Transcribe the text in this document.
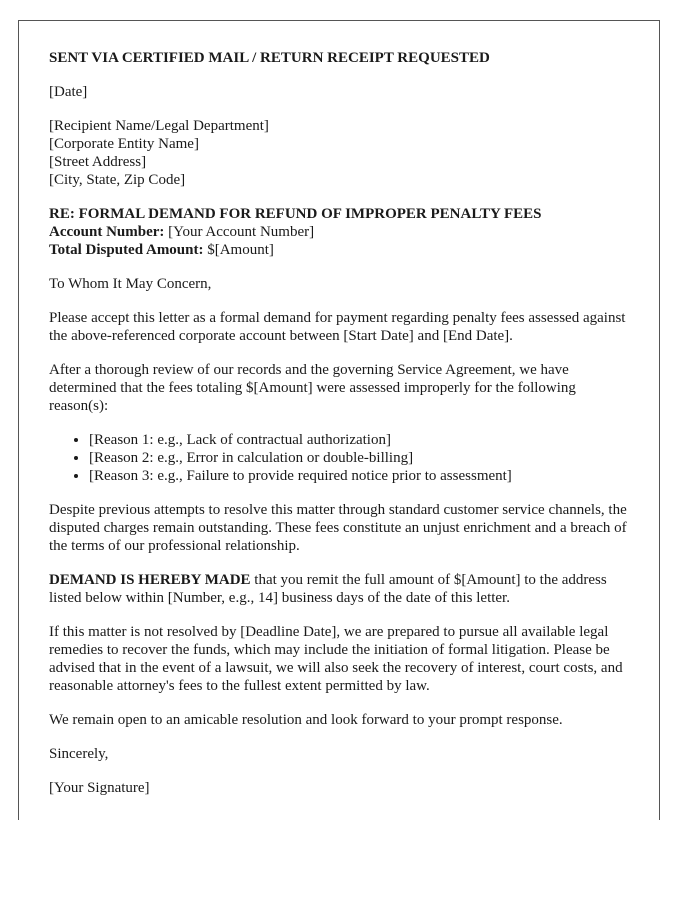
SENT VIA CERTIFIED MAIL / RETURN RECEIPT REQUESTED
[Date]
[Recipient Name/Legal Department]
[Corporate Entity Name]
[Street Address]
[City, State, Zip Code]
RE: FORMAL DEMAND FOR REFUND OF IMPROPER PENALTY FEES
Account Number: [Your Account Number]
Total Disputed Amount: $[Amount]

To Whom It May Concern,

Please accept this letter as a formal demand for payment regarding penalty fees assessed against the above-referenced corporate account between [Start Date] and [End Date].

After a thorough review of our records and the governing Service Agreement, we have determined that the fees totaling $[Amount] were assessed improperly for the following reason(s):

• [Reason 1: e.g., Lack of contractual authorization]
• [Reason 2: e.g., Error in calculation or double-billing]
• [Reason 3: e.g., Failure to provide required notice prior to assessment]

Despite previous attempts to resolve this matter through standard customer service channels, the disputed charges remain outstanding. These fees constitute an unjust enrichment and a breach of the terms of our professional relationship.

DEMAND IS HEREBY MADE that you remit the full amount of $[Amount] to the address listed below within [Number, e.g., 14] business days of the date of this letter.

If this matter is not resolved by [Deadline Date], we are prepared to pursue all available legal remedies to recover the funds, which may include the initiation of formal litigation. Please be advised that in the event of a lawsuit, we will also seek the recovery of interest, court costs, and reasonable attorney's fees to the fullest extent permitted by law.

We remain open to an amicable resolution and look forward to your prompt response.

Sincerely,

[Your Signature]
